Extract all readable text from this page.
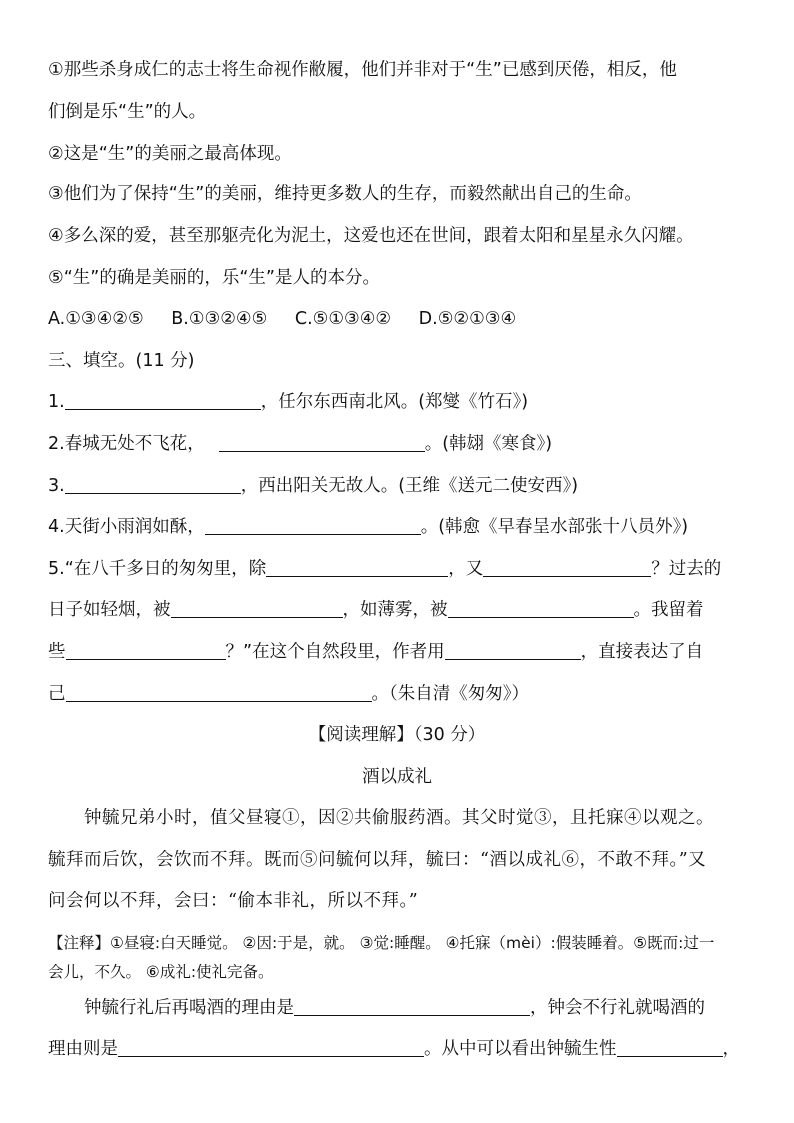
①那些杀身成仁的志士将生命视作敝履，他们并非对于“生”已感到厌倦，相反，他
们倒是乐“生”的人。
②这是“生”的美丽之最高体现。
③他们为了保持“生”的美丽，维持更多数人的生存，而毅然献出自己的生命。
④多么深的爱，甚至那躯壳化为泥土，这爱也还在世间，跟着太阳和星星永久闪耀。
⑤“生”的确是美丽的，乐“生”是人的本分。
A.①③④②⑤ B.①③②④⑤ C.⑤①③④② D.⑤②①③④
三、填空。(11 分)
1.	，任尔东西南北风。(郑燮《竹石》)
2.春城无处不飞花，	。(韩翃《寒食》)
3.	，西出阳关无故人。(王维《送元二使安西》)
4.天街小雨润如酥，	。(韩愈《早春呈水部张十八员外》)
5.“在八千多日的匆匆里，除	，又	？过去的
日子如轻烟，被	，如薄雾，被	。我留着
些	？”在这个自然段里，作者用	，直接表达了自
己	。（朱自清《匆匆》）
【阅读理解】（30 分）
酒以成礼
钟毓兄弟小时，值父昼寝①，因②共偷服药酒。其父时觉③，且托寐④以观之。
毓拜而后饮，会饮而不拜。既而⑤问毓何以拜，毓曰：“酒以成礼⑥，不敢不拜。”又
问会何以不拜，会曰：“偷本非礼，所以不拜。”
【注释】①昼寝:白天睡觉。 ②因:于是，就。 ③觉:睡醒。 ④托寐（mèi）:假装睡着。⑤既而:过一
会儿，不久。 ⑥成礼:使礼完备。
钟毓行礼后再喝酒的理由是	，钟会不行礼就喝酒的
理由则是	。从中可以看出钟毓生性	，
